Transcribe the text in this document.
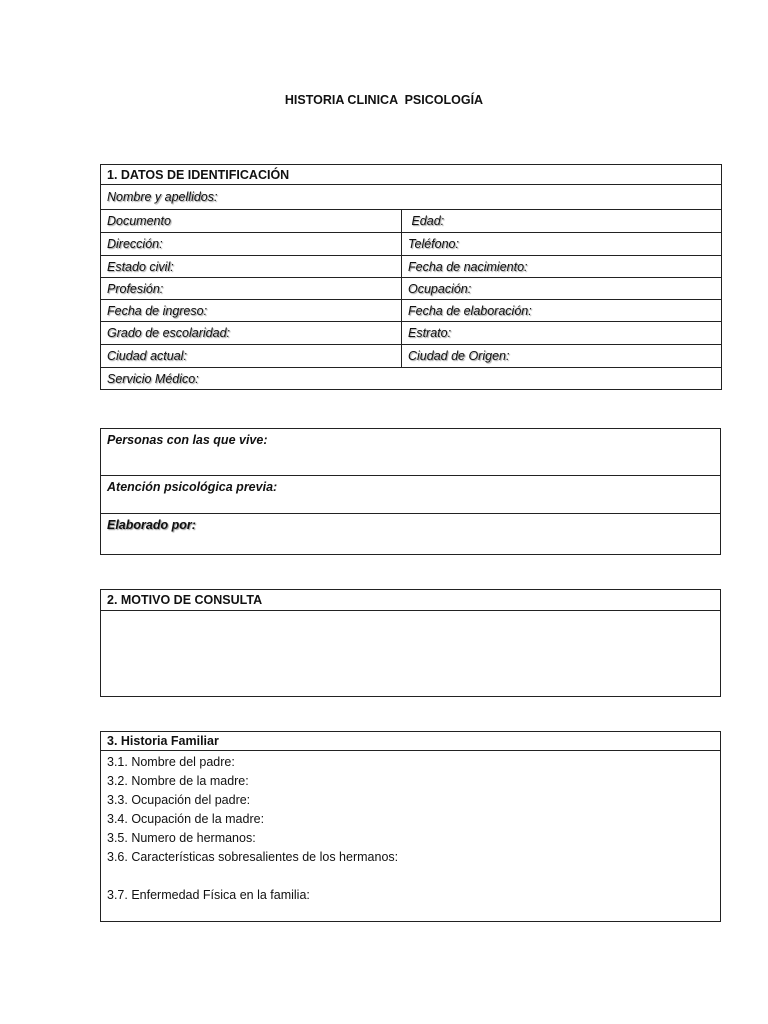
HISTORIA CLINICA  PSICOLOGÍA
1. DATOS DE IDENTIFICACIÓN	
Nombre y apellidos:	
Documento	Edad:
Dirección:	Teléfono:
Estado civil:	Fecha de nacimiento:
Profesión:	Ocupación:
Fecha de ingreso:	Fecha de elaboración:
Grado de escolaridad:	Estrato:
Ciudad actual:	Ciudad de Origen:
Servicio Médico:	
Personas con las que vive:
Atención psicológica previa:
Elaborado por:
2. MOTIVO DE CONSULTA

3. Historia Familiar

3.1. Nombre del padre:
3.2. Nombre de la madre:
3.3. Ocupación del padre:
3.4. Ocupación de la madre:
3.5. Numero de hermanos:
3.6. Características sobresalientes de los hermanos:
3.7. Enfermedad Física en la familia:
